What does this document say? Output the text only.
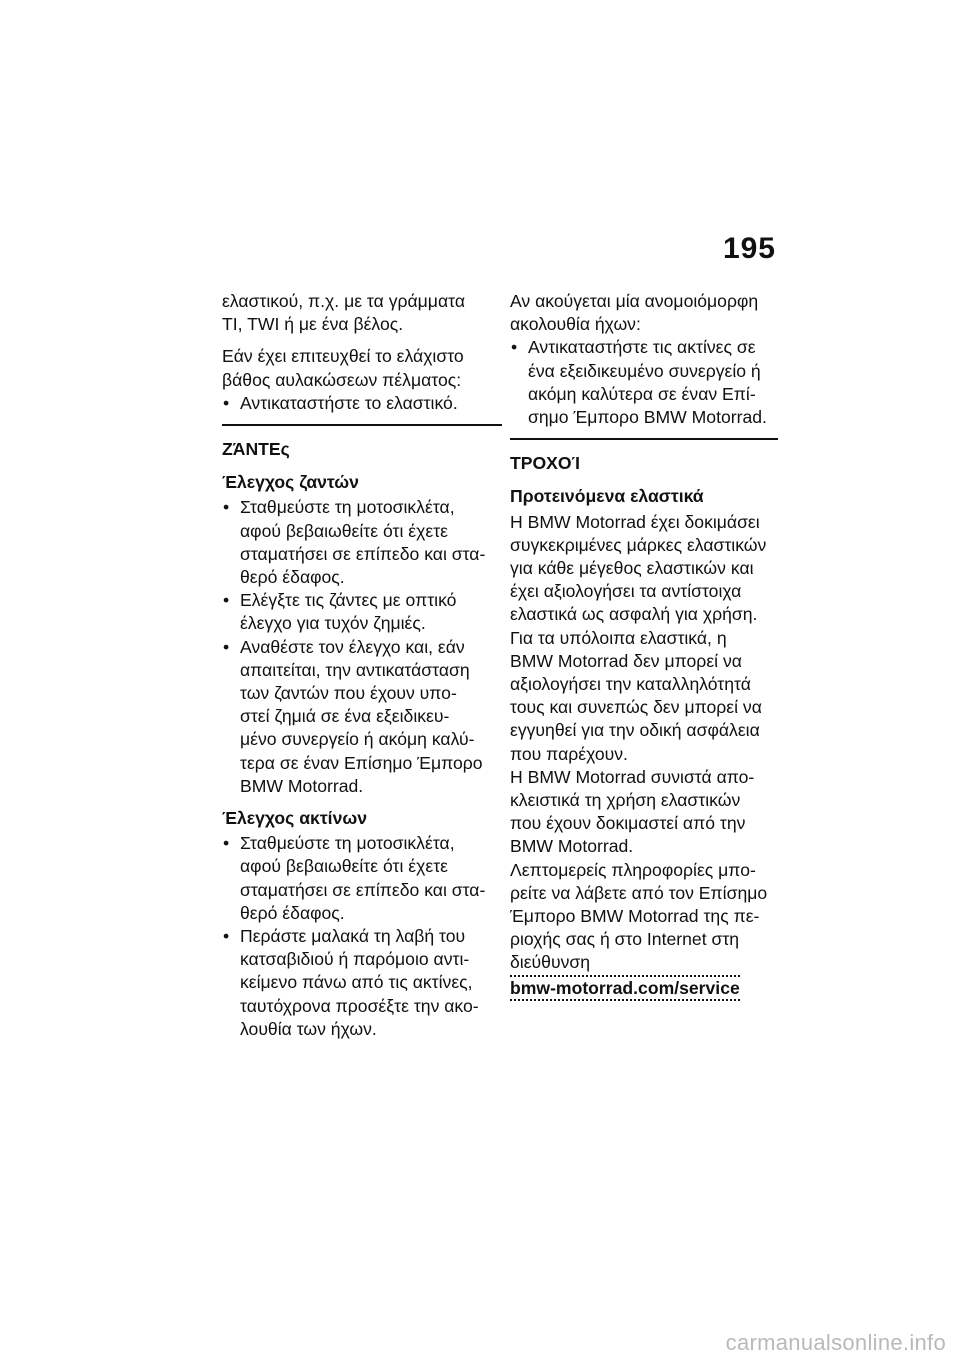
195

ελαστικού, π.χ. με τα γράμματα
TI, TWI ή με ένα βέλος.

Εάν έχει επιτευχθεί το ελάχιστο
βάθος αυλακώσεων πέλματος:

• Αντικαταστήστε το ελαστικό.
ΖΆΝΤΕς
Έλεγχος ζαντών
• Σταθμεύστε τη μοτοσικλέτα,
αφού βεβαιωθείτε ότι έχετε
σταματήσει σε επίπεδο και στα-
θερό έδαφος.
• Ελέγξτε τις ζάντες με οπτικό
έλεγχο για τυχόν ζημιές.
• Αναθέστε τον έλεγχο και, εάν
απαιτείται, την αντικατάσταση
των ζαντών που έχουν υπο-
στεί ζημιά σε ένα εξειδικευ-
μένο συνεργείο ή ακόμη καλύ-
τερα σε έναν Επίσημο Έμπορο
BMW Motorrad.
Έλεγχος ακτίνων
• Σταθμεύστε τη μοτοσικλέτα,
αφού βεβαιωθείτε ότι έχετε
σταματήσει σε επίπεδο και στα-
θερό έδαφος.
• Περάστε μαλακά τη λαβή του
κατσαβιδιού ή παρόμοιο αντι-
κείμενο πάνω από τις ακτίνες,
ταυτόχρονα προσέξτε την ακο-
λουθία των ήχων.

Αν ακούγεται μία ανομοιόμορφη
ακολουθία ήχων:

• Αντικαταστήστε τις ακτίνες σε
ένα εξειδικευμένο συνεργείο ή
ακόμη καλύτερα σε έναν Επί-
σημο Έμπορο BMW Motorrad.
ΤΡΟΧΟΊ
Προτεινόμενα ελαστικά

Η BMW Motorrad έχει δοκιμάσει
συγκεκριμένες μάρκες ελαστικών
για κάθε μέγεθος ελαστικών και
έχει αξιολογήσει τα αντίστοιχα
ελαστικά ως ασφαλή για χρήση.
Για τα υπόλοιπα ελαστικά, η
BMW Motorrad δεν μπορεί να
αξιολογήσει την καταλληλότητά
τους και συνεπώς δεν μπορεί να
εγγυηθεί για την οδική ασφάλεια
που παρέχουν.
Η BMW Motorrad συνιστά απο-
κλειστικά τη χρήση ελαστικών
που έχουν δοκιμαστεί από την
BMW Motorrad.
Λεπτομερείς πληροφορίες μπο-
ρείτε να λάβετε από τον Επίσημο
Έμπορο BMW Motorrad της πε-
ριοχής σας ή στο Internet στη
διεύθυνση
bmw-motorrad.com/service

carmanualsonline.info
